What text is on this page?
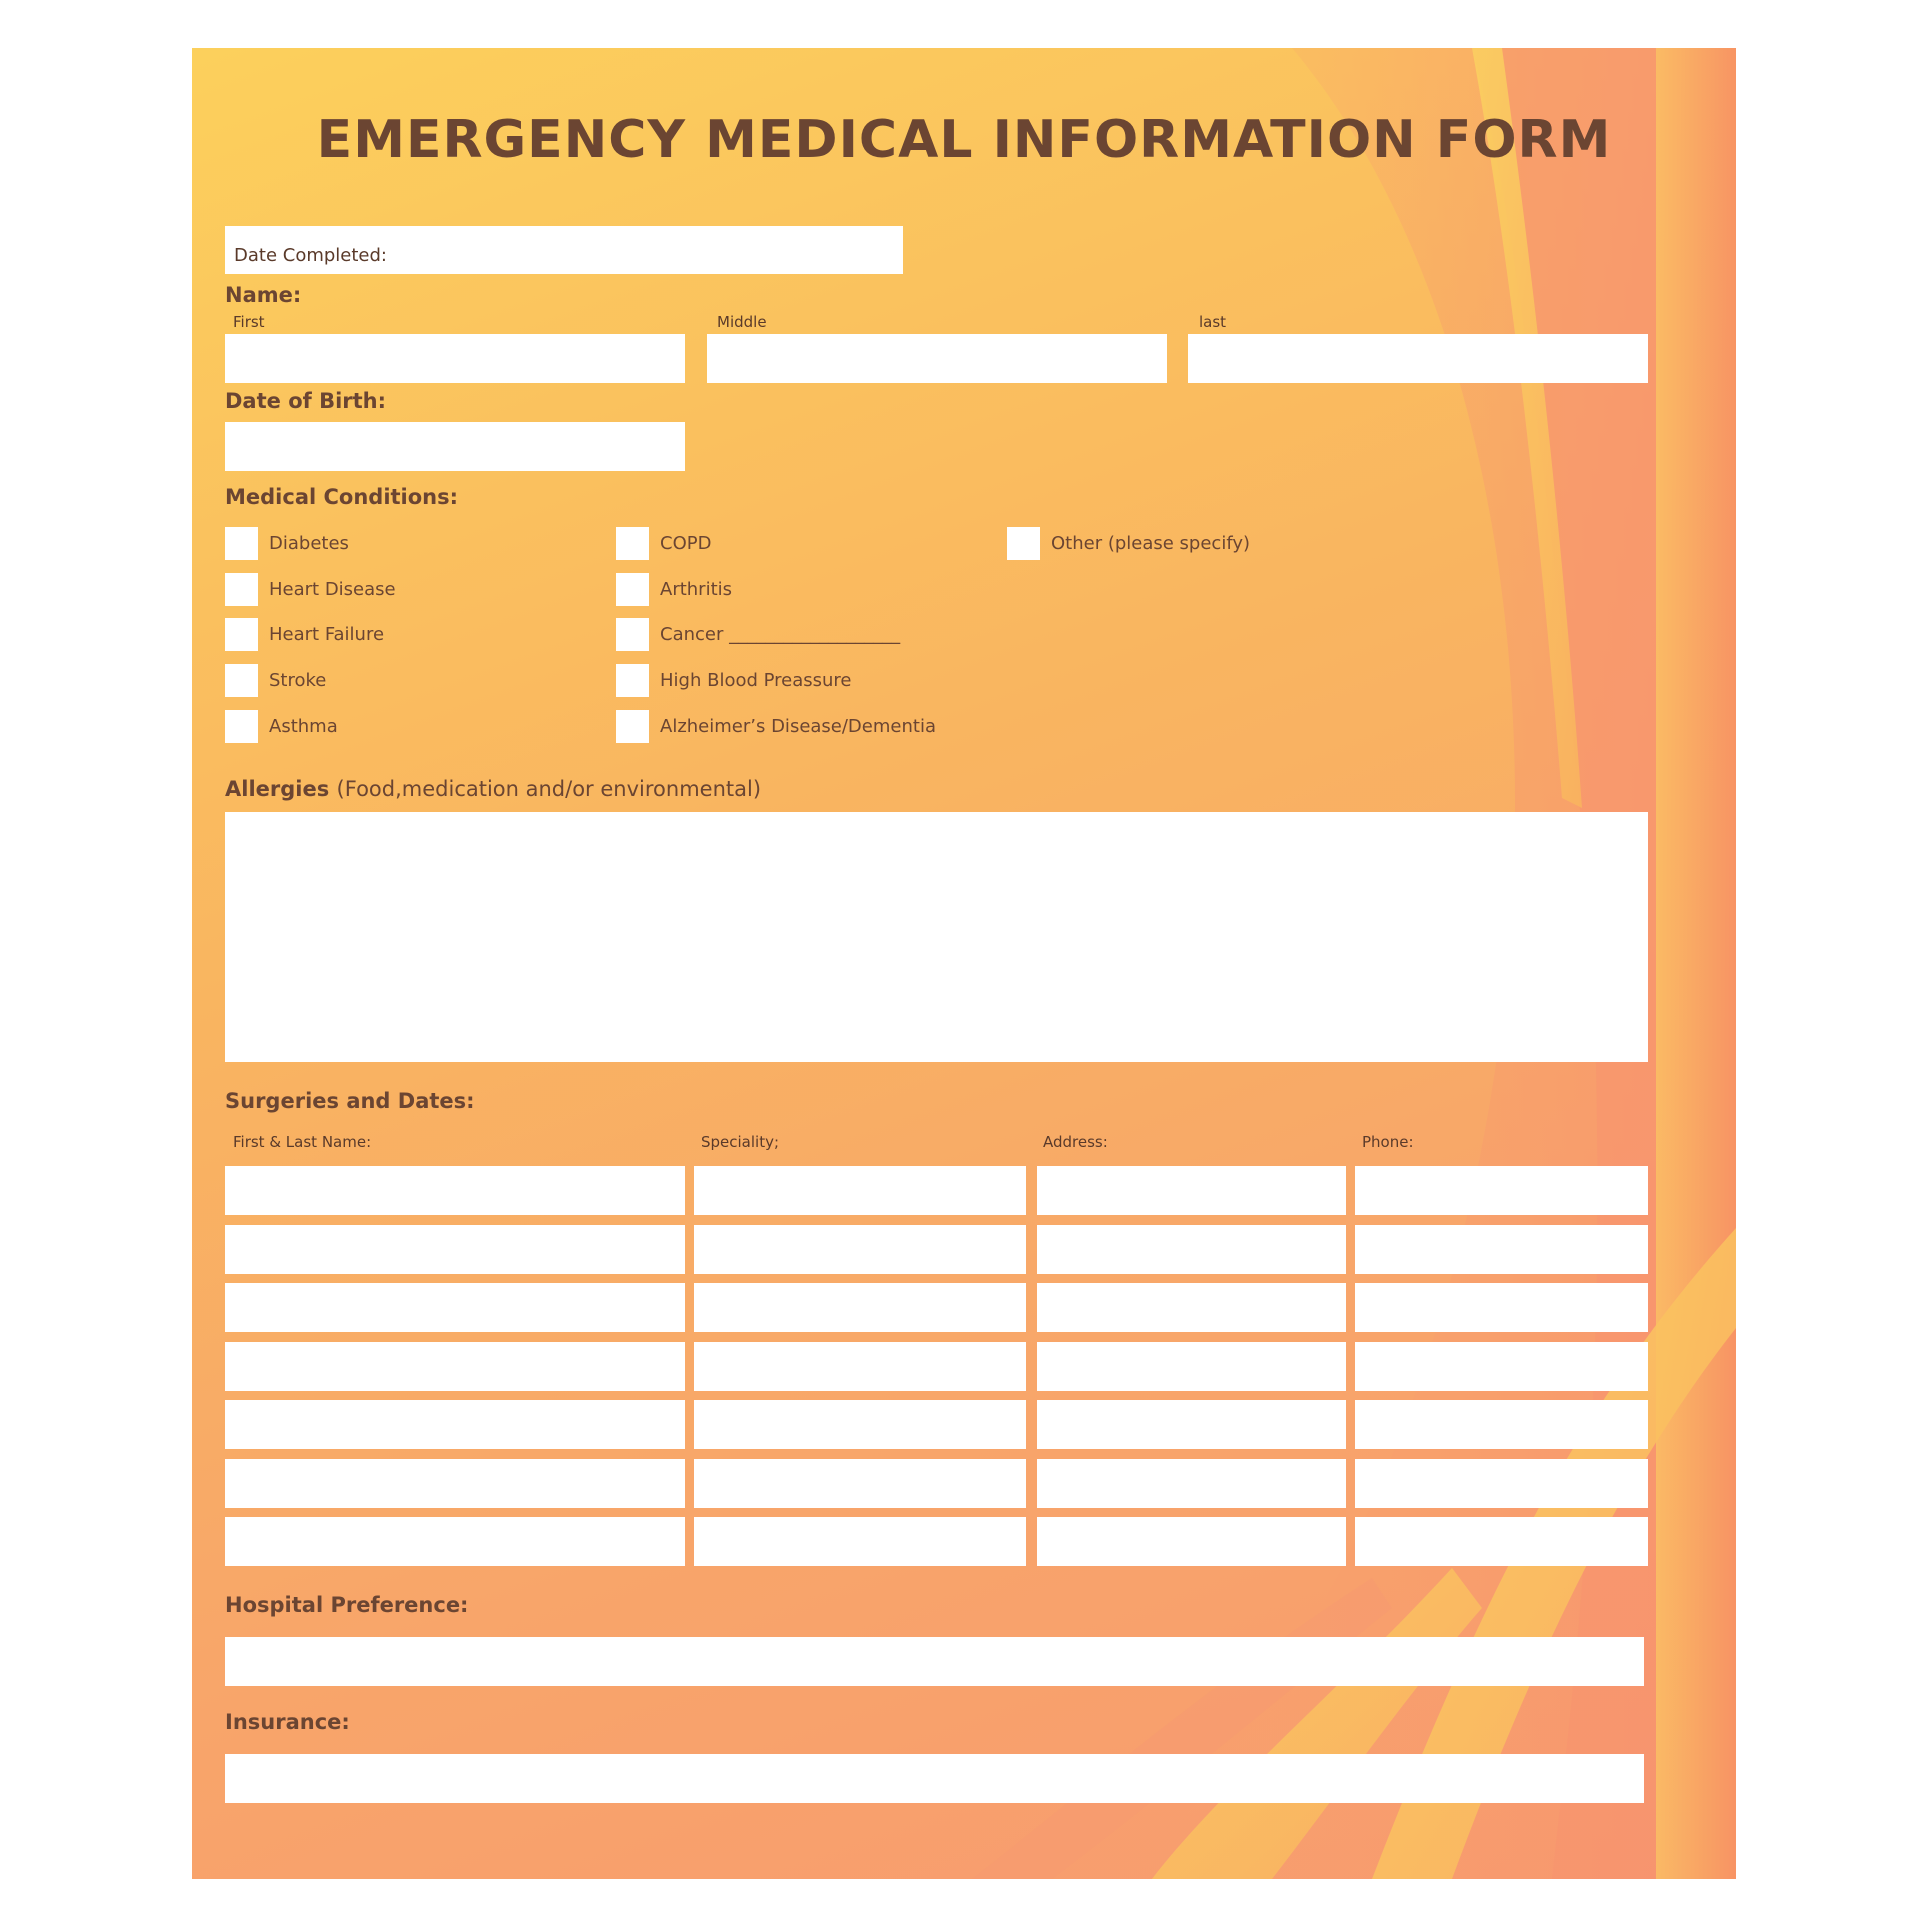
EMERGENCY MEDICAL INFORMATION FORM
Date Completed:
Name:
First	Middle	last
Date of Birth:
Medical Conditions:
Diabetes
Heart Disease
Heart Failure
Stroke
Asthma
COPD
Arthritis
Cancer ___________________
High Blood Preassure
Alzheimer’s Disease/Dementia
Other (please specify)
Allergies (Food,medication and/or environmental)
Surgeries and Dates:
First & Last Name:	Speciality;	Address:	Phone:
Hospital Preference:
Insurance:
